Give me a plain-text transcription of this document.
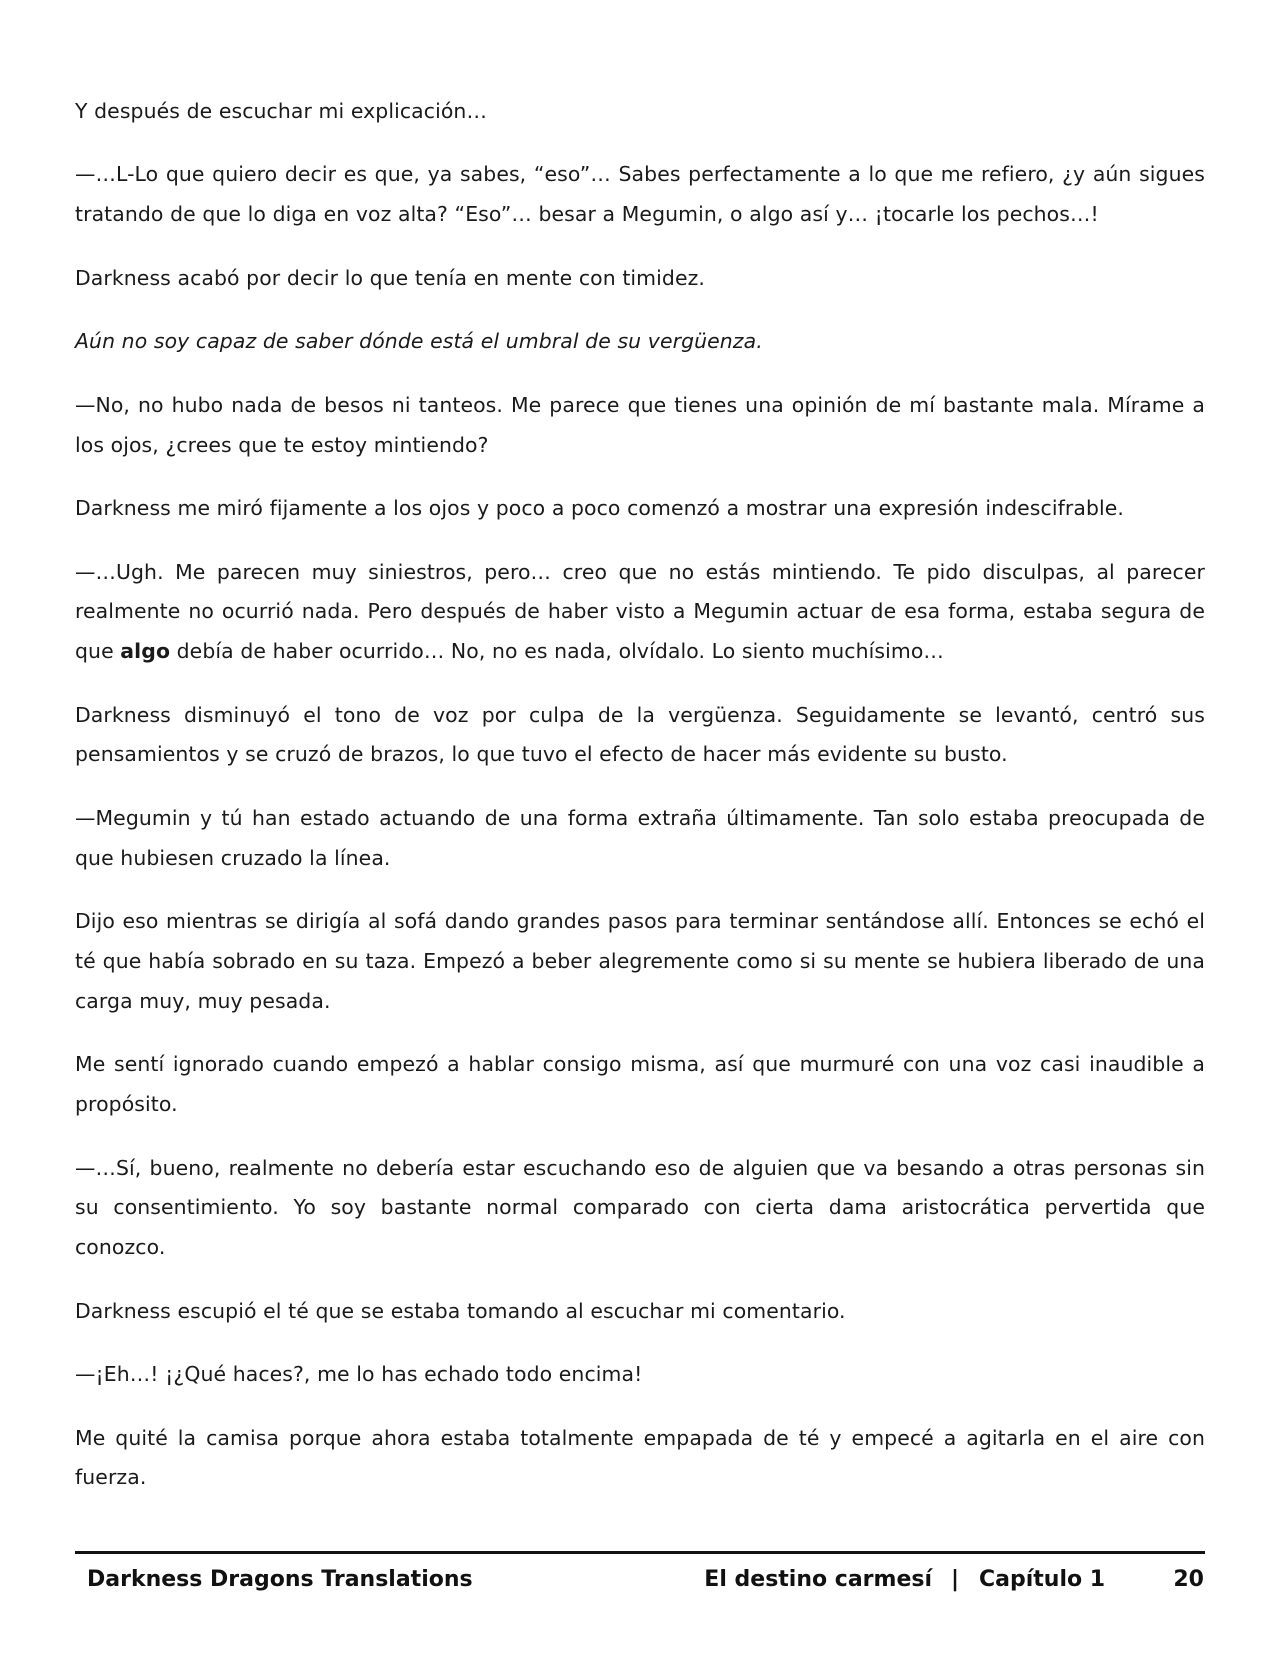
Y después de escuchar mi explicación…

—…L-Lo que quiero decir es que, ya sabes, “eso”… Sabes perfectamente a lo que me refiero, ¿y aún sigues tratando de que lo diga en voz alta? “Eso”… besar a Megumin, o algo así y… ¡tocarle los pechos…!

Darkness acabó por decir lo que tenía en mente con timidez.

Aún no soy capaz de saber dónde está el umbral de su vergüenza.

—No, no hubo nada de besos ni tanteos. Me parece que tienes una opinión de mí bastante mala. Mírame a los ojos, ¿crees que te estoy mintiendo?

Darkness me miró fijamente a los ojos y poco a poco comenzó a mostrar una expresión indescifrable.

—…Ugh. Me parecen muy siniestros, pero… creo que no estás mintiendo. Te pido disculpas, al parecer realmente no ocurrió nada. Pero después de haber visto a Megumin actuar de esa forma, estaba segura de que algo debía de haber ocurrido… No, no es nada, olvídalo. Lo siento muchísimo…

Darkness disminuyó el tono de voz por culpa de la vergüenza. Seguidamente se levantó, centró sus pensamientos y se cruzó de brazos, lo que tuvo el efecto de hacer más evidente su busto.

—Megumin y tú han estado actuando de una forma extraña últimamente. Tan solo estaba preocupada de que hubiesen cruzado la línea.

Dijo eso mientras se dirigía al sofá dando grandes pasos para terminar sentándose allí. Entonces se echó el té que había sobrado en su taza. Empezó a beber alegremente como si su mente se hubiera liberado de una carga muy, muy pesada.

Me sentí ignorado cuando empezó a hablar consigo misma, así que murmuré con una voz casi inaudible a propósito.

—…Sí, bueno, realmente no debería estar escuchando eso de alguien que va besando a otras personas sin su consentimiento. Yo soy bastante normal comparado con cierta dama aristocrática pervertida que conozco.

Darkness escupió el té que se estaba tomando al escuchar mi comentario.

—¡Eh…! ¡¿Qué haces?, me lo has echado todo encima!

Me quité la camisa porque ahora estaba totalmente empapada de té y empecé a agitarla en el aire con fuerza.

Darkness Dragons Translations	El destino carmesí | Capítulo 1	20
